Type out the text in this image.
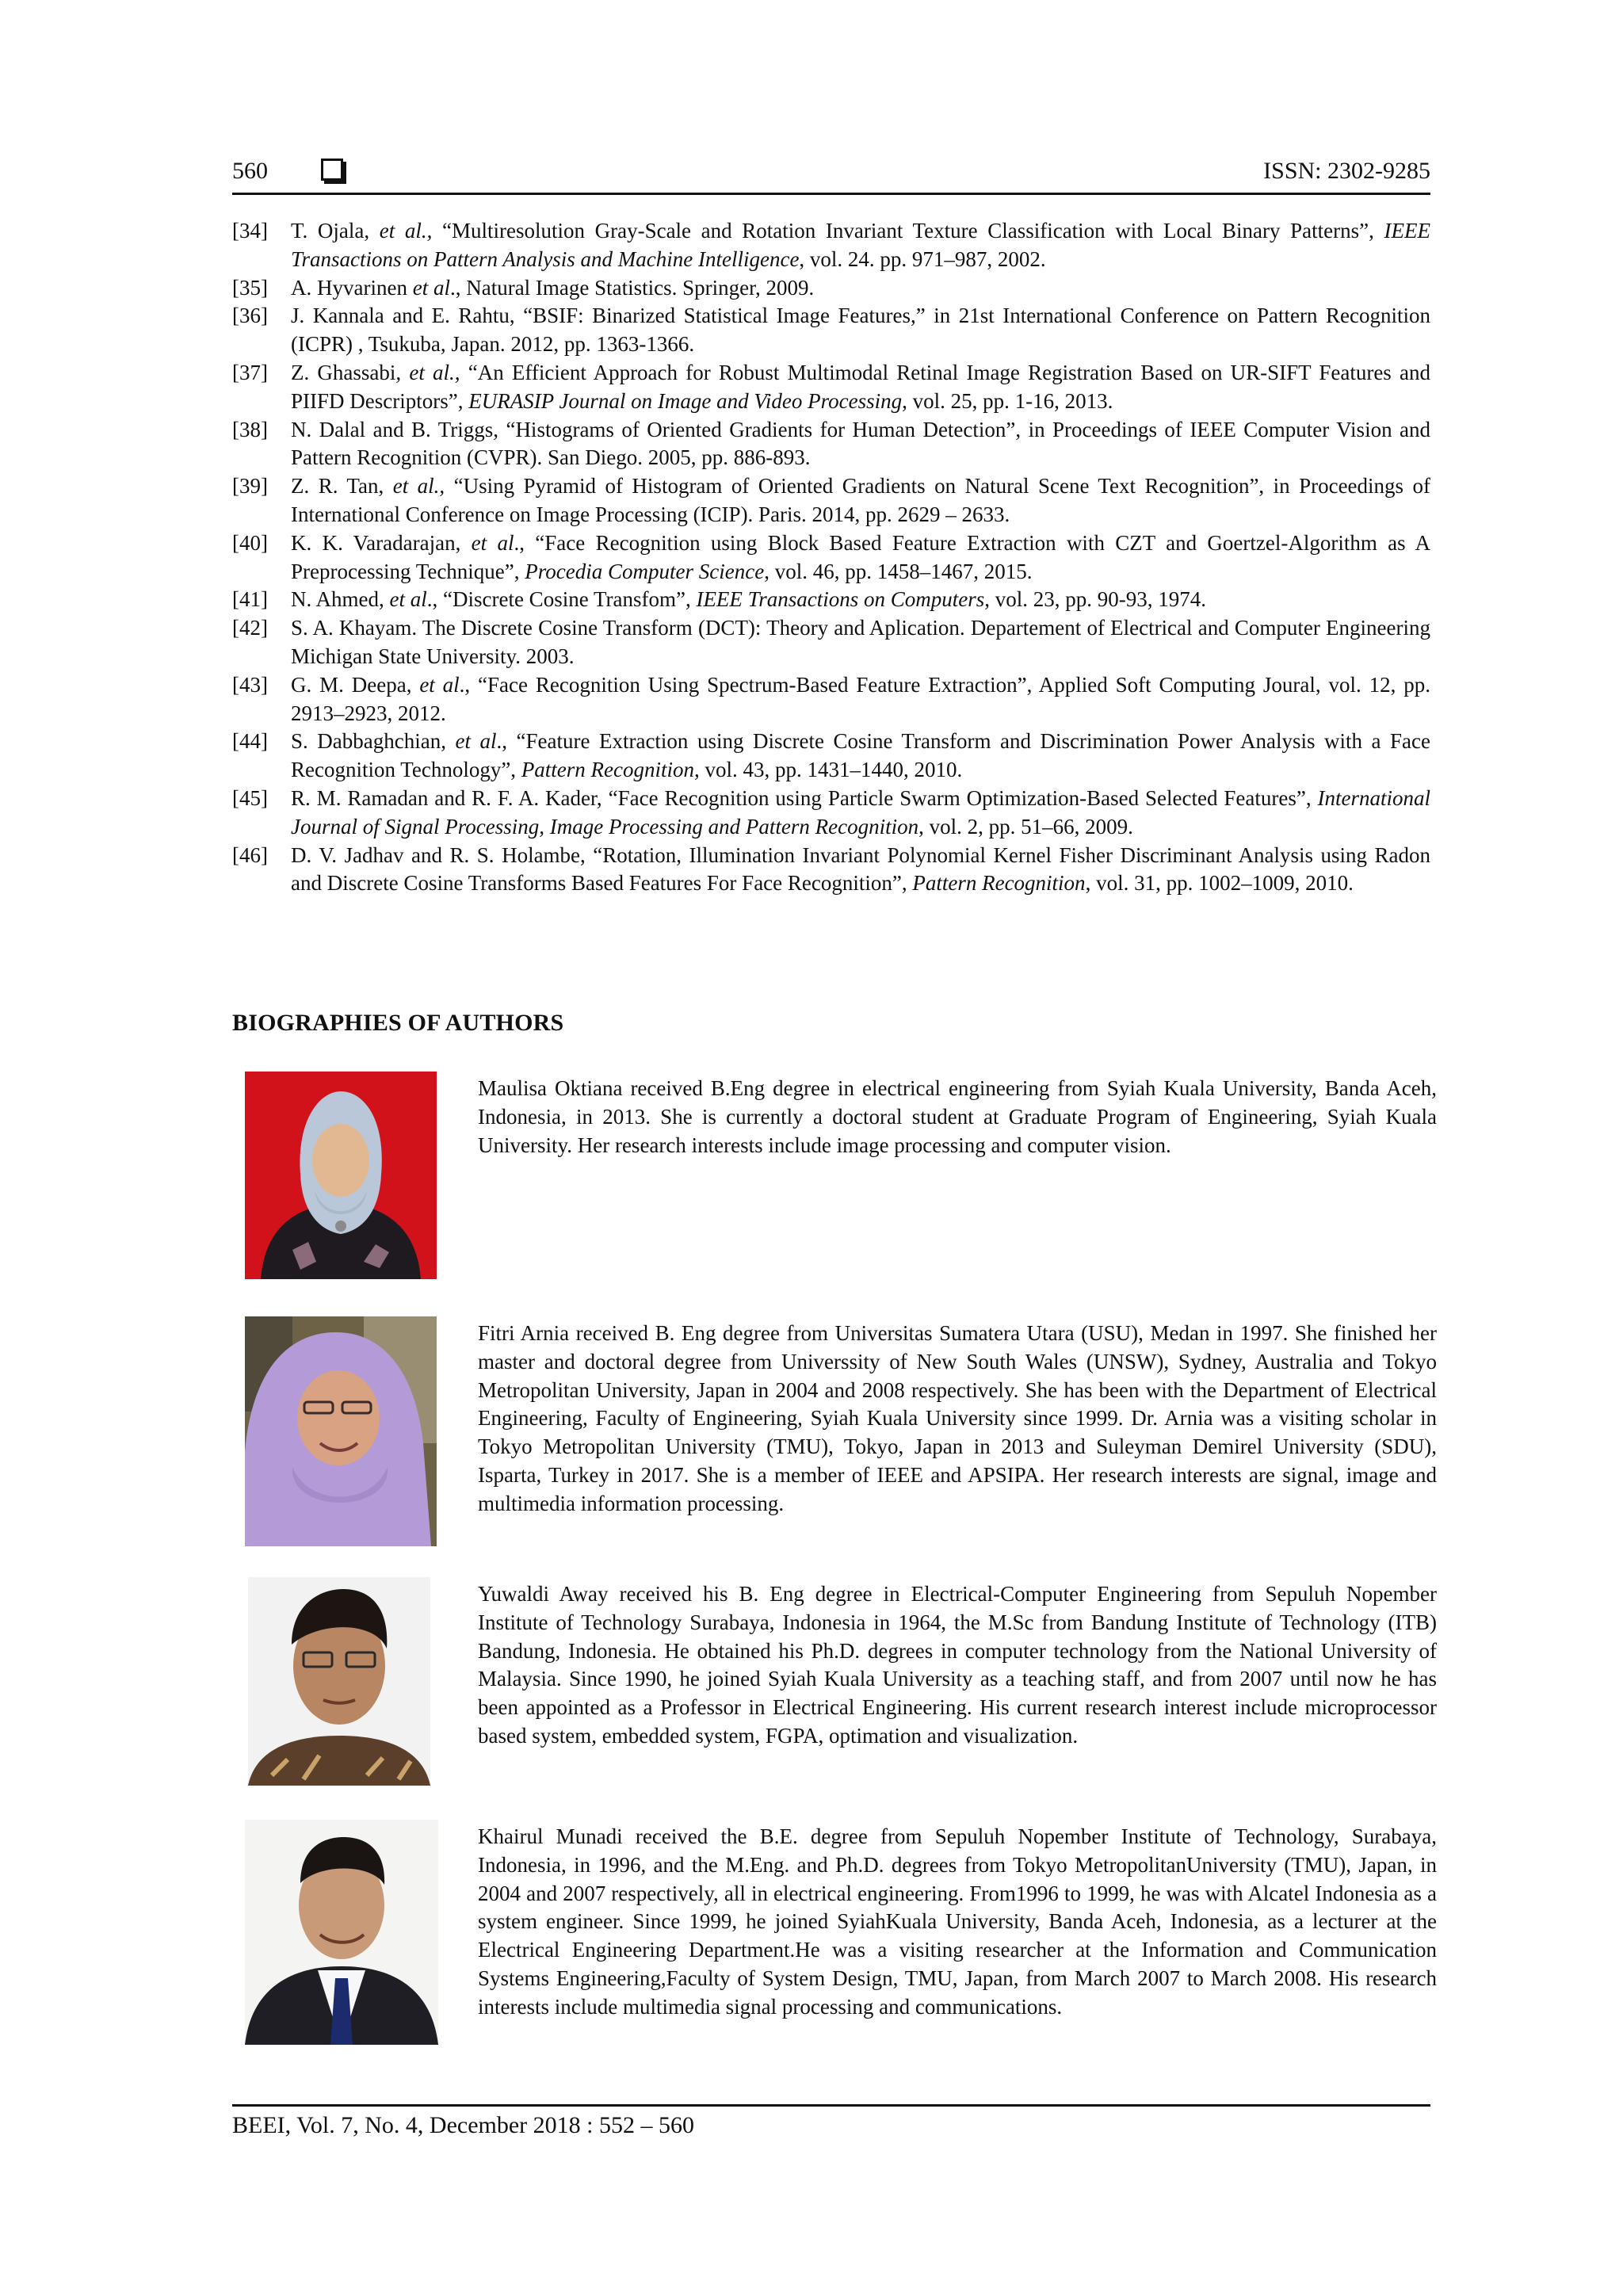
560	ISSN: 2302-9285
[34]	T. Ojala, et al., “Multiresolution Gray-Scale and Rotation Invariant Texture Classification with Local Binary Patterns”, IEEE Transactions on Pattern Analysis and Machine Intelligence, vol. 24. pp. 971–987, 2002.
[35]	A. Hyvarinen et al., Natural Image Statistics. Springer, 2009.
[36]	J. Kannala and E. Rahtu, “BSIF: Binarized Statistical Image Features,” in 21st International Conference on Pattern Recognition (ICPR) , Tsukuba, Japan. 2012, pp. 1363-1366.
[37]	Z. Ghassabi, et al., “An Efficient Approach for Robust Multimodal Retinal Image Registration Based on UR-SIFT Features and PIIFD Descriptors”, EURASIP Journal on Image and Video Processing, vol. 25, pp. 1-16, 2013.
[38]	N. Dalal and B. Triggs, “Histograms of Oriented Gradients for Human Detection”, in Proceedings of IEEE Computer Vision and Pattern Recognition (CVPR). San Diego. 2005, pp. 886-893.
[39]	Z. R. Tan, et al., “Using Pyramid of Histogram of Oriented Gradients on Natural Scene Text Recognition”, in Proceedings of International Conference on Image Processing (ICIP). Paris. 2014, pp. 2629 – 2633.
[40]	K. K. Varadarajan, et al., “Face Recognition using Block Based Feature Extraction with CZT and Goertzel-Algorithm as A Preprocessing Technique”, Procedia Computer Science, vol. 46, pp. 1458–1467, 2015.
[41]	N. Ahmed, et al., “Discrete Cosine Transfom”, IEEE Transactions on Computers, vol. 23, pp. 90-93, 1974.
[42]	S. A. Khayam. The Discrete Cosine Transform (DCT): Theory and Aplication. Departement of Electrical and Computer Engineering Michigan State University. 2003.
[43]	G. M. Deepa, et al., “Face Recognition Using Spectrum-Based Feature Extraction”, Applied Soft Computing Joural, vol. 12, pp. 2913–2923, 2012.
[44]	S. Dabbaghchian, et al., “Feature Extraction using Discrete Cosine Transform and Discrimination Power Analysis with a Face Recognition Technology”, Pattern Recognition, vol. 43, pp. 1431–1440, 2010.
[45]	R. M. Ramadan and R. F. A. Kader, “Face Recognition using Particle Swarm Optimization-Based Selected Features”, International Journal of Signal Processing, Image Processing and Pattern Recognition, vol. 2, pp. 51–66, 2009.
[46]	D. V. Jadhav and R. S. Holambe, “Rotation, Illumination Invariant Polynomial Kernel Fisher Discriminant Analysis using Radon and Discrete Cosine Transforms Based Features For Face Recognition”, Pattern Recognition, vol. 31, pp. 1002–1009, 2010.
BIOGRAPHIES OF AUTHORS
Maulisa Oktiana received B.Eng degree in electrical engineering from Syiah Kuala University, Banda Aceh, Indonesia, in 2013. She is currently a doctoral student at Graduate Program of Engineering, Syiah Kuala University. Her research interests include image processing and computer vision.
Fitri Arnia received B. Eng degree from Universitas Sumatera Utara (USU), Medan in 1997. She finished her master and doctoral degree from Universsity of New South Wales (UNSW), Sydney, Australia and Tokyo Metropolitan University, Japan in 2004 and 2008 respectively. She has been with the Department of Electrical Engineering, Faculty of Engineering, Syiah Kuala University since 1999. Dr. Arnia was a visiting scholar in Tokyo Metropolitan University (TMU), Tokyo, Japan in 2013 and Suleyman Demirel University (SDU), Isparta, Turkey in 2017. She is a member of IEEE and APSIPA. Her research interests are signal, image and multimedia information processing.
Yuwaldi Away received his B. Eng degree in Electrical-Computer Engineering from Sepuluh Nopember Institute of Technology Surabaya, Indonesia in 1964, the M.Sc from Bandung Institute of Technology (ITB) Bandung, Indonesia. He obtained his Ph.D. degrees in computer technology from the National University of Malaysia. Since 1990, he joined Syiah Kuala University as a teaching staff, and from 2007 until now he has been appointed as a Professor in Electrical Engineering. His current research interest include microprocessor based system, embedded system, FGPA, optimation and visualization.
Khairul Munadi received the B.E. degree from Sepuluh Nopember Institute of Technology, Surabaya, Indonesia, in 1996, and the M.Eng. and Ph.D. degrees from Tokyo MetropolitanUniversity (TMU), Japan, in 2004 and 2007 respectively, all in electrical engineering. From1996 to 1999, he was with Alcatel Indonesia as a system engineer. Since 1999, he joined SyiahKuala University, Banda Aceh, Indonesia, as a lecturer at the Electrical Engineering Department.He was a visiting researcher at the Information and Communication Systems Engineering,Faculty of System Design, TMU, Japan, from March 2007 to March 2008. His research interests include multimedia signal processing and communications.
BEEI, Vol. 7, No. 4, December 2018 : 552 – 560
